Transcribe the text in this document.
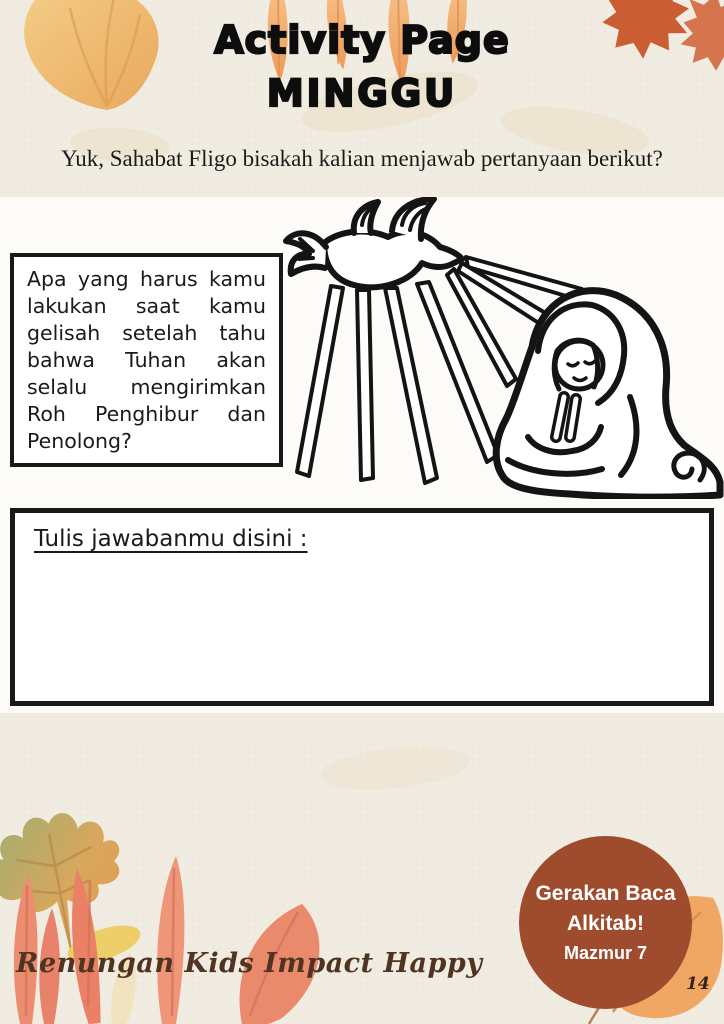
Apa yang harus kamu lakukan saat kamu gelisah setelah tahu bahwa Tuhan akan selalu mengirimkan Roh Penghibur dan Penolong?

Tulis jawabanmu disini :
Activity Page
MINGGU
Yuk, Sahabat Fligo bisakah kalian menjawab pertanyaan berikut?
Gerakan Baca
Alkitab!
Mazmur 7
Renungan Kids Impact Happy
14
